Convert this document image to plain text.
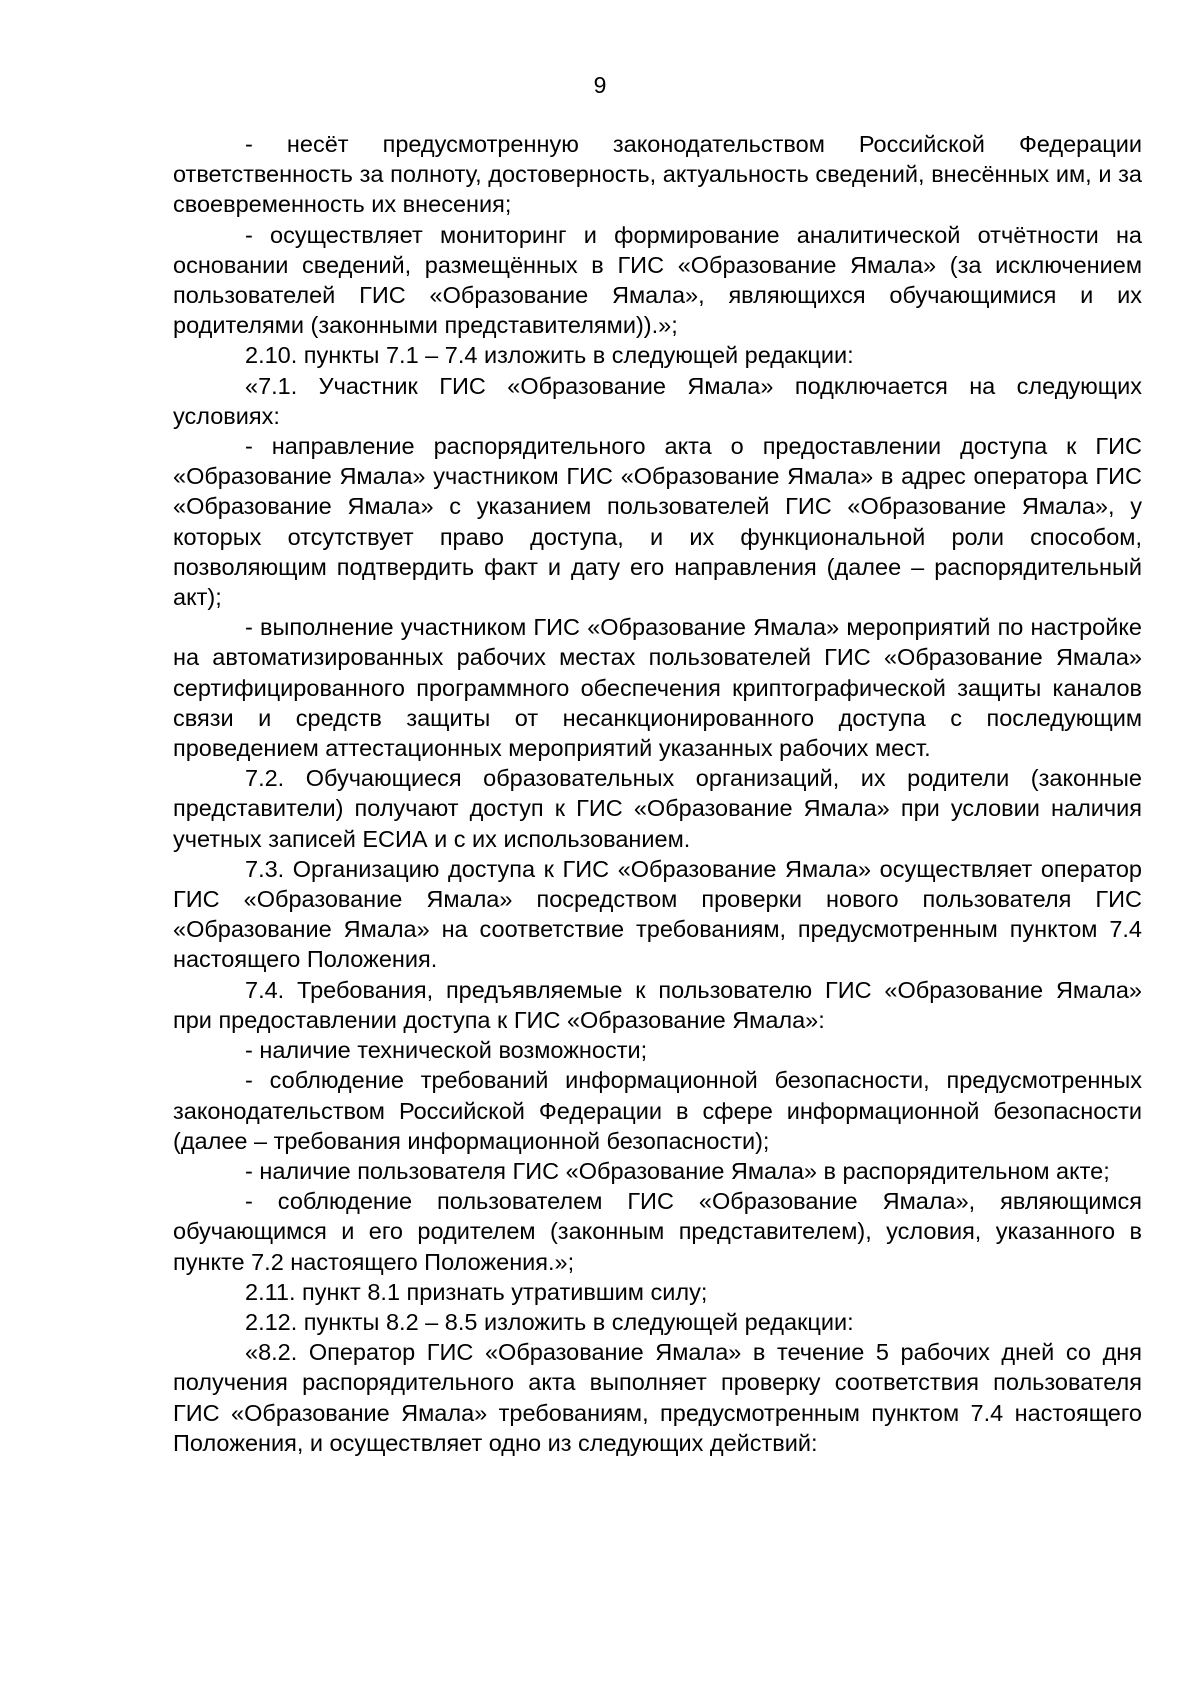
9

- несёт предусмотренную законодательством Российской Федерации ответственность за полноту, достоверность, актуальность сведений, внесённых им, и за своевременность их внесения;

- осуществляет мониторинг и формирование аналитической отчётности на основании сведений, размещённых в ГИС «Образование Ямала» (за исключением пользователей ГИС «Образование Ямала», являющихся обучающимися и их родителями (законными представителями)).»;

2.10. пункты 7.1 – 7.4 изложить в следующей редакции:

«7.1. Участник ГИС «Образование Ямала» подключается на следующих условиях:

- направление распорядительного акта о предоставлении доступа к ГИС «Образование Ямала» участником ГИС «Образование Ямала» в адрес оператора ГИС «Образование Ямала» с указанием пользователей ГИС «Образование Ямала», у которых отсутствует право доступа, и их функциональной роли способом, позволяющим подтвердить факт и дату его направления (далее – распорядительный акт);

- выполнение участником ГИС «Образование Ямала» мероприятий по настройке на автоматизированных рабочих местах пользователей ГИС «Образование Ямала» сертифицированного программного обеспечения криптографической защиты каналов связи и средств защиты от несанкционированного доступа с последующим проведением аттестационных мероприятий указанных рабочих мест.

7.2. Обучающиеся образовательных организаций, их родители (законные представители) получают доступ к ГИС «Образование Ямала» при условии наличия учетных записей ЕСИА и с их использованием.

7.3. Организацию доступа к ГИС «Образование Ямала» осуществляет оператор ГИС «Образование Ямала» посредством проверки нового пользователя ГИС «Образование Ямала» на соответствие требованиям, предусмотренным пунктом 7.4 настоящего Положения.

7.4. Требования, предъявляемые к пользователю ГИС «Образование Ямала» при предоставлении доступа к ГИС «Образование Ямала»:

- наличие технической возможности;

- соблюдение требований информационной безопасности, предусмотренных законодательством Российской Федерации в сфере информационной безопасности (далее – требования информационной безопасности);

- наличие пользователя ГИС «Образование Ямала» в распорядительном акте;

- соблюдение пользователем ГИС «Образование Ямала», являющимся обучающимся и его родителем (законным представителем), условия, указанного в пункте 7.2 настоящего Положения.»;

2.11. пункт 8.1 признать утратившим силу;

2.12. пункты 8.2 – 8.5 изложить в следующей редакции:

«8.2. Оператор ГИС «Образование Ямала» в течение 5 рабочих дней со дня получения распорядительного акта выполняет проверку соответствия пользователя ГИС «Образование Ямала» требованиям, предусмотренным пунктом 7.4 настоящего Положения, и осуществляет одно из следующих действий:
